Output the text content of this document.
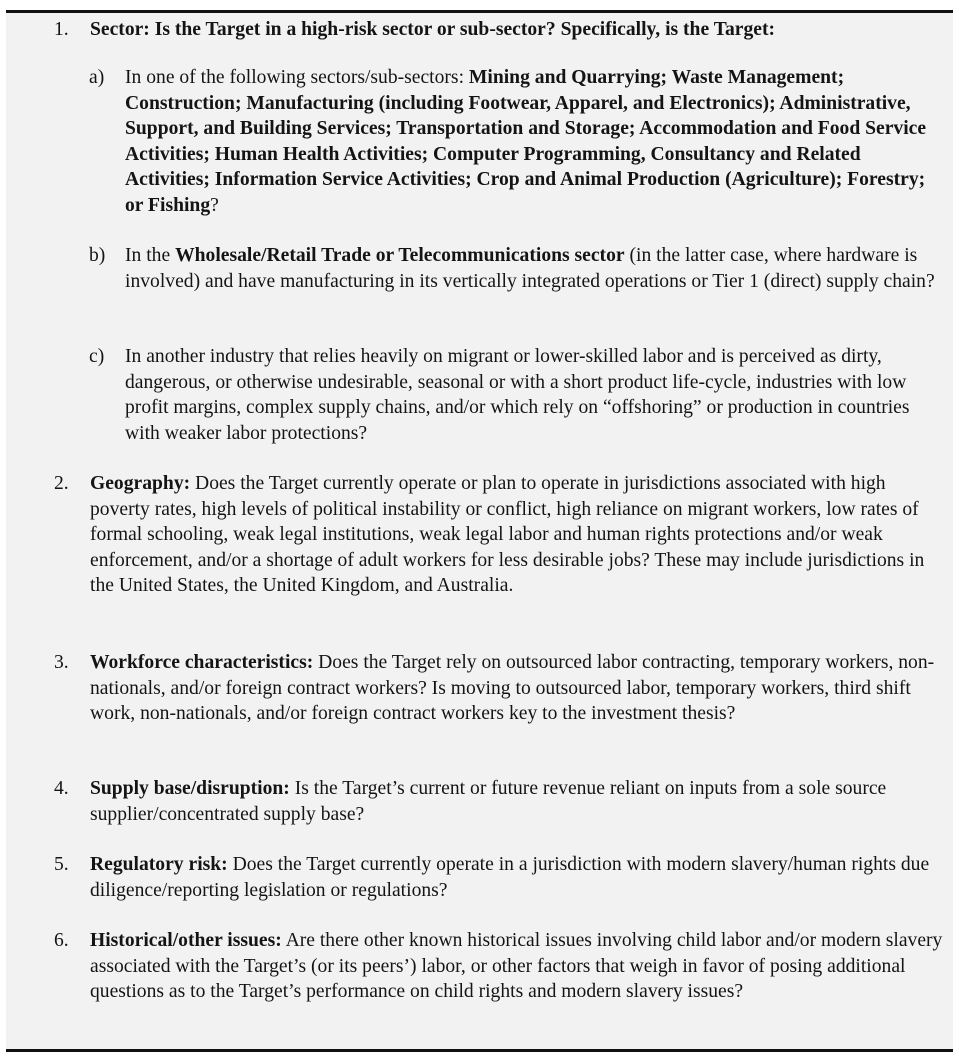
1. Sector: Is the Target in a high-risk sector or sub-sector? Specifically, is the Target:
a) In one of the following sectors/sub-sectors: Mining and Quarrying; Waste Management; Construction; Manufacturing (including Footwear, Apparel, and Electronics); Administrative, Support, and Building Services; Transportation and Storage; Accommodation and Food Service Activities; Human Health Activities; Computer Programming, Consultancy and Related Activities; Information Service Activities; Crop and Animal Production (Agriculture); Forestry; or Fishing?
b) In the Wholesale/Retail Trade or Telecommunications sector (in the latter case, where hardware is involved) and have manufacturing in its vertically integrated operations or Tier 1 (direct) supply chain?
c) In another industry that relies heavily on migrant or lower-skilled labor and is perceived as dirty, dangerous, or otherwise undesirable, seasonal or with a short product life-cycle, industries with low profit margins, complex supply chains, and/or which rely on “offshoring” or production in countries with weaker labor protections?
2. Geography: Does the Target currently operate or plan to operate in jurisdictions associated with high poverty rates, high levels of political instability or conflict, high reliance on migrant workers, low rates of formal schooling, weak legal institutions, weak legal labor and human rights protections and/or weak enforcement, and/or a shortage of adult workers for less desirable jobs? These may include jurisdictions in the United States, the United Kingdom, and Australia.
3. Workforce characteristics: Does the Target rely on outsourced labor contracting, temporary workers, non-nationals, and/or foreign contract workers? Is moving to outsourced labor, temporary workers, third shift work, non-nationals, and/or foreign contract workers key to the investment thesis?
4. Supply base/disruption: Is the Target’s current or future revenue reliant on inputs from a sole source supplier/concentrated supply base?
5. Regulatory risk: Does the Target currently operate in a jurisdiction with modern slavery/human rights due diligence/reporting legislation or regulations?
6. Historical/other issues: Are there other known historical issues involving child labor and/or modern slavery associated with the Target’s (or its peers’) labor, or other factors that weigh in favor of posing additional questions as to the Target’s performance on child rights and modern slavery issues?
